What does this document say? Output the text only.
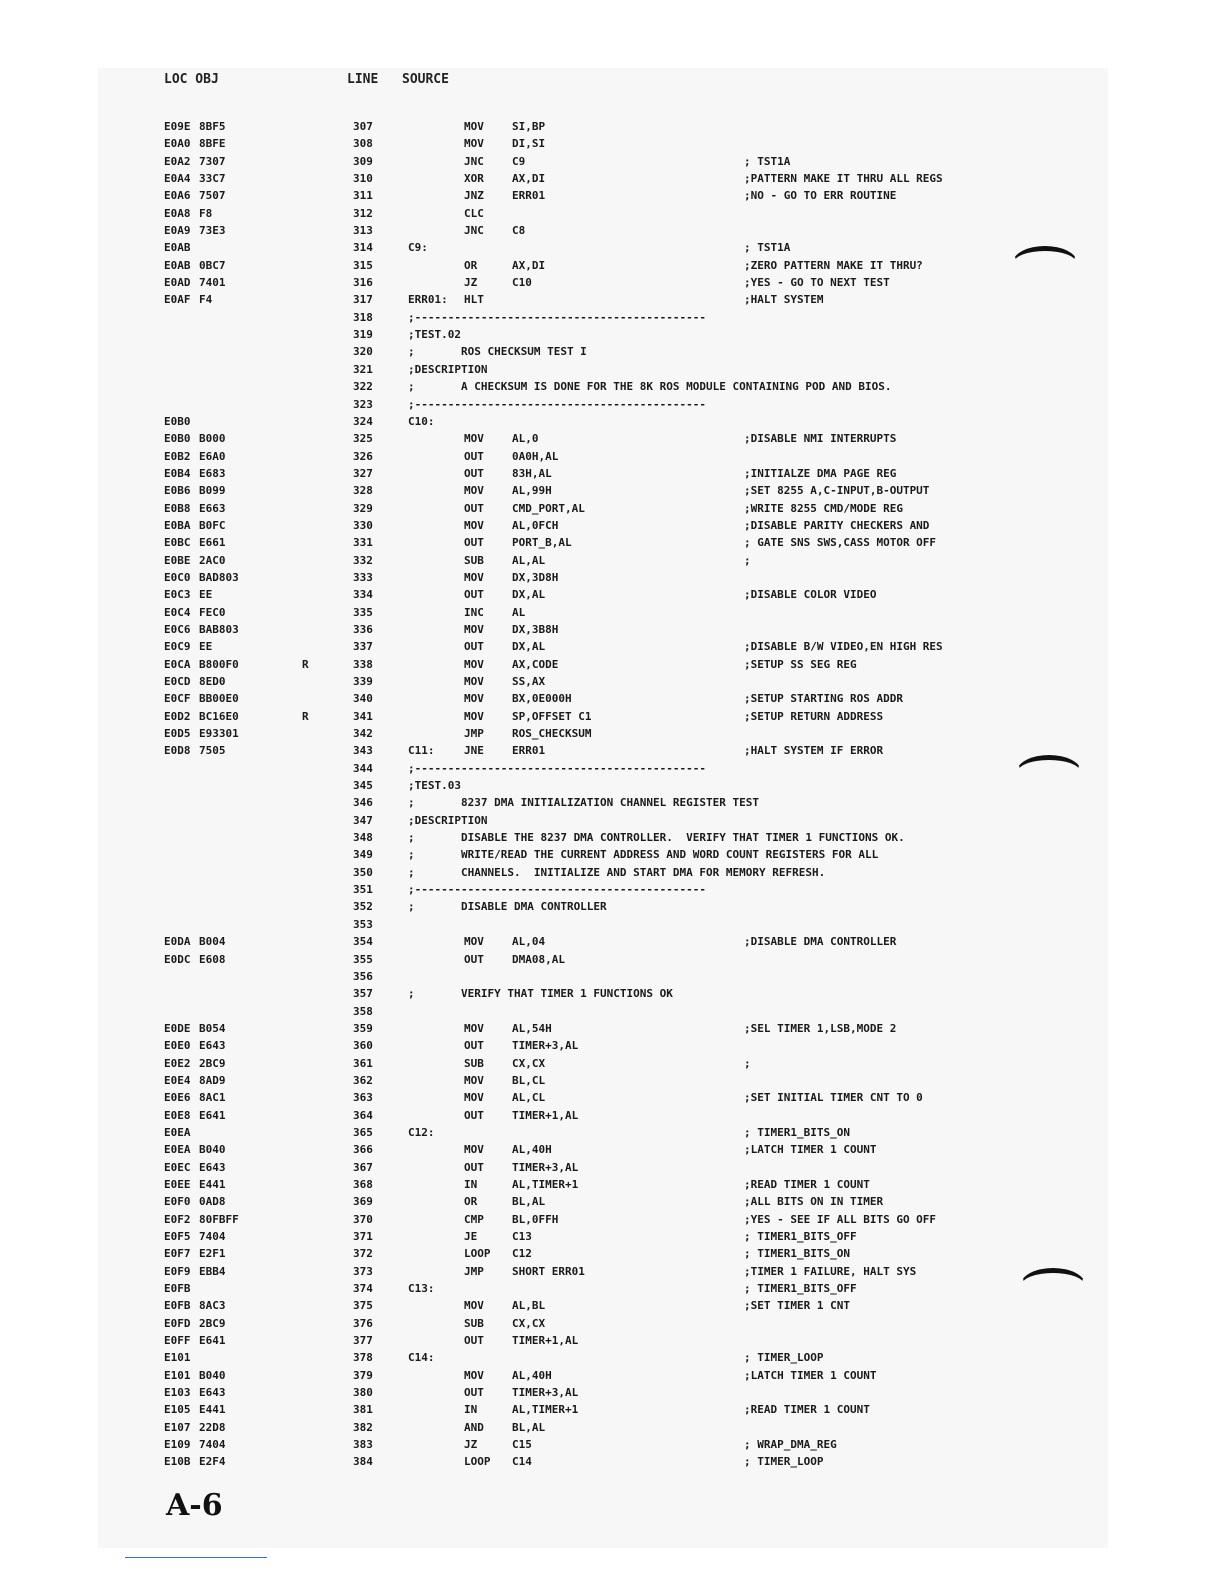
LOC OBJ	LINE SOURCE
E09E 8BF5	307	MOV	SI,BP
E0A0 8BFE	308	MOV	DI,SI
E0A2 7307	309	JNC	C9	; TST1A
E0A4 33C7	310	XOR	AX,DI	;PATTERN MAKE IT THRU ALL REGS
E0A6 7507	311	JNZ	ERR01	;NO - GO TO ERR ROUTINE
E0A8 F8	312	CLC
E0A9 73E3	313	JNC	C8
E0AB	314	C9:	; TST1A
E0AB 0BC7	315	OR	AX,DI	;ZERO PATTERN MAKE IT THRU?
E0AD 7401	316	JZ	C10	;YES - GO TO NEXT TEST
E0AF F4	317	ERR01: HLT	;HALT SYSTEM
318	;--------------------------------------------
319	;TEST.02
320	;       ROS CHECKSUM TEST I
321	;DESCRIPTION
322	;       A CHECKSUM IS DONE FOR THE 8K ROS MODULE CONTAINING POD AND BIOS.
323	;--------------------------------------------
E0B0	324	C10:
E0B0 B000	325	MOV	AL,0	;DISABLE NMI INTERRUPTS
E0B2 E6A0	326	OUT	0A0H,AL
E0B4 E683	327	OUT	83H,AL	;INITIALZE DMA PAGE REG
E0B6 B099	328	MOV	AL,99H	;SET 8255 A,C-INPUT,B-OUTPUT
E0B8 E663	329	OUT	CMD_PORT,AL	;WRITE 8255 CMD/MODE REG
E0BA B0FC	330	MOV	AL,0FCH	;DISABLE PARITY CHECKERS AND
E0BC E661	331	OUT	PORT_B,AL	; GATE SNS SWS,CASS MOTOR OFF
E0BE 2AC0	332	SUB	AL,AL	;
E0C0 BAD803	333	MOV	DX,3D8H
E0C3 EE	334	OUT	DX,AL	;DISABLE COLOR VIDEO
E0C4 FEC0	335	INC	AL
E0C6 BAB803	336	MOV	DX,3B8H
E0C9 EE	337	OUT	DX,AL	;DISABLE B/W VIDEO,EN HIGH RES
E0CA B800F0	R	338	MOV	AX,CODE	;SETUP SS SEG REG
E0CD 8ED0	339	MOV	SS,AX
E0CF BB00E0	340	MOV	BX,0E000H	;SETUP STARTING ROS ADDR
E0D2 BC16E0	R	341	MOV	SP,OFFSET C1	;SETUP RETURN ADDRESS
E0D5 E93301	342	JMP	ROS_CHECKSUM
E0D8 7505	343	C11:	JNE	ERR01	;HALT SYSTEM IF ERROR
344	;--------------------------------------------
345	;TEST.03
346	;       8237 DMA INITIALIZATION CHANNEL REGISTER TEST
347	;DESCRIPTION
348	;       DISABLE THE 8237 DMA CONTROLLER.  VERIFY THAT TIMER 1 FUNCTIONS OK.
349	;       WRITE/READ THE CURRENT ADDRESS AND WORD COUNT REGISTERS FOR ALL
350	;       CHANNELS.  INITIALIZE AND START DMA FOR MEMORY REFRESH.
351	;--------------------------------------------
352	;       DISABLE DMA CONTROLLER
353
E0DA B004	354	MOV	AL,04	;DISABLE DMA CONTROLLER
E0DC E608	355	OUT	DMA08,AL
356
357	;       VERIFY THAT TIMER 1 FUNCTIONS OK
358
E0DE B054	359	MOV	AL,54H	;SEL TIMER 1,LSB,MODE 2
E0E0 E643	360	OUT	TIMER+3,AL
E0E2 2BC9	361	SUB	CX,CX	;
E0E4 8AD9	362	MOV	BL,CL
E0E6 8AC1	363	MOV	AL,CL	;SET INITIAL TIMER CNT TO 0
E0E8 E641	364	OUT	TIMER+1,AL
E0EA	365	C12:	; TIMER1_BITS_ON
E0EA B040	366	MOV	AL,40H	;LATCH TIMER 1 COUNT
E0EC E643	367	OUT	TIMER+3,AL
E0EE E441	368	IN	AL,TIMER+1	;READ TIMER 1 COUNT
E0F0 0AD8	369	OR	BL,AL	;ALL BITS ON IN TIMER
E0F2 80FBFF	370	CMP	BL,0FFH	;YES - SEE IF ALL BITS GO OFF
E0F5 7404	371	JE	C13	; TIMER1_BITS_OFF
E0F7 E2F1	372	LOOP C12	; TIMER1_BITS_ON
E0F9 EBB4	373	JMP	SHORT ERR01	;TIMER 1 FAILURE, HALT SYS
E0FB	374	C13:	; TIMER1_BITS_OFF
E0FB 8AC3	375	MOV	AL,BL	;SET TIMER 1 CNT
E0FD 2BC9	376	SUB	CX,CX
E0FF E641	377	OUT	TIMER+1,AL
E101	378	C14:	; TIMER_LOOP
E101 B040	379	MOV	AL,40H	;LATCH TIMER 1 COUNT
E103 E643	380	OUT	TIMER+3,AL
E105 E441	381	IN	AL,TIMER+1	;READ TIMER 1 COUNT
E107 22D8	382	AND	BL,AL
E109 7404	383	JZ	C15	; WRAP_DMA_REG
E10B E2F4	384	LOOP C14	; TIMER_LOOP
A-6
